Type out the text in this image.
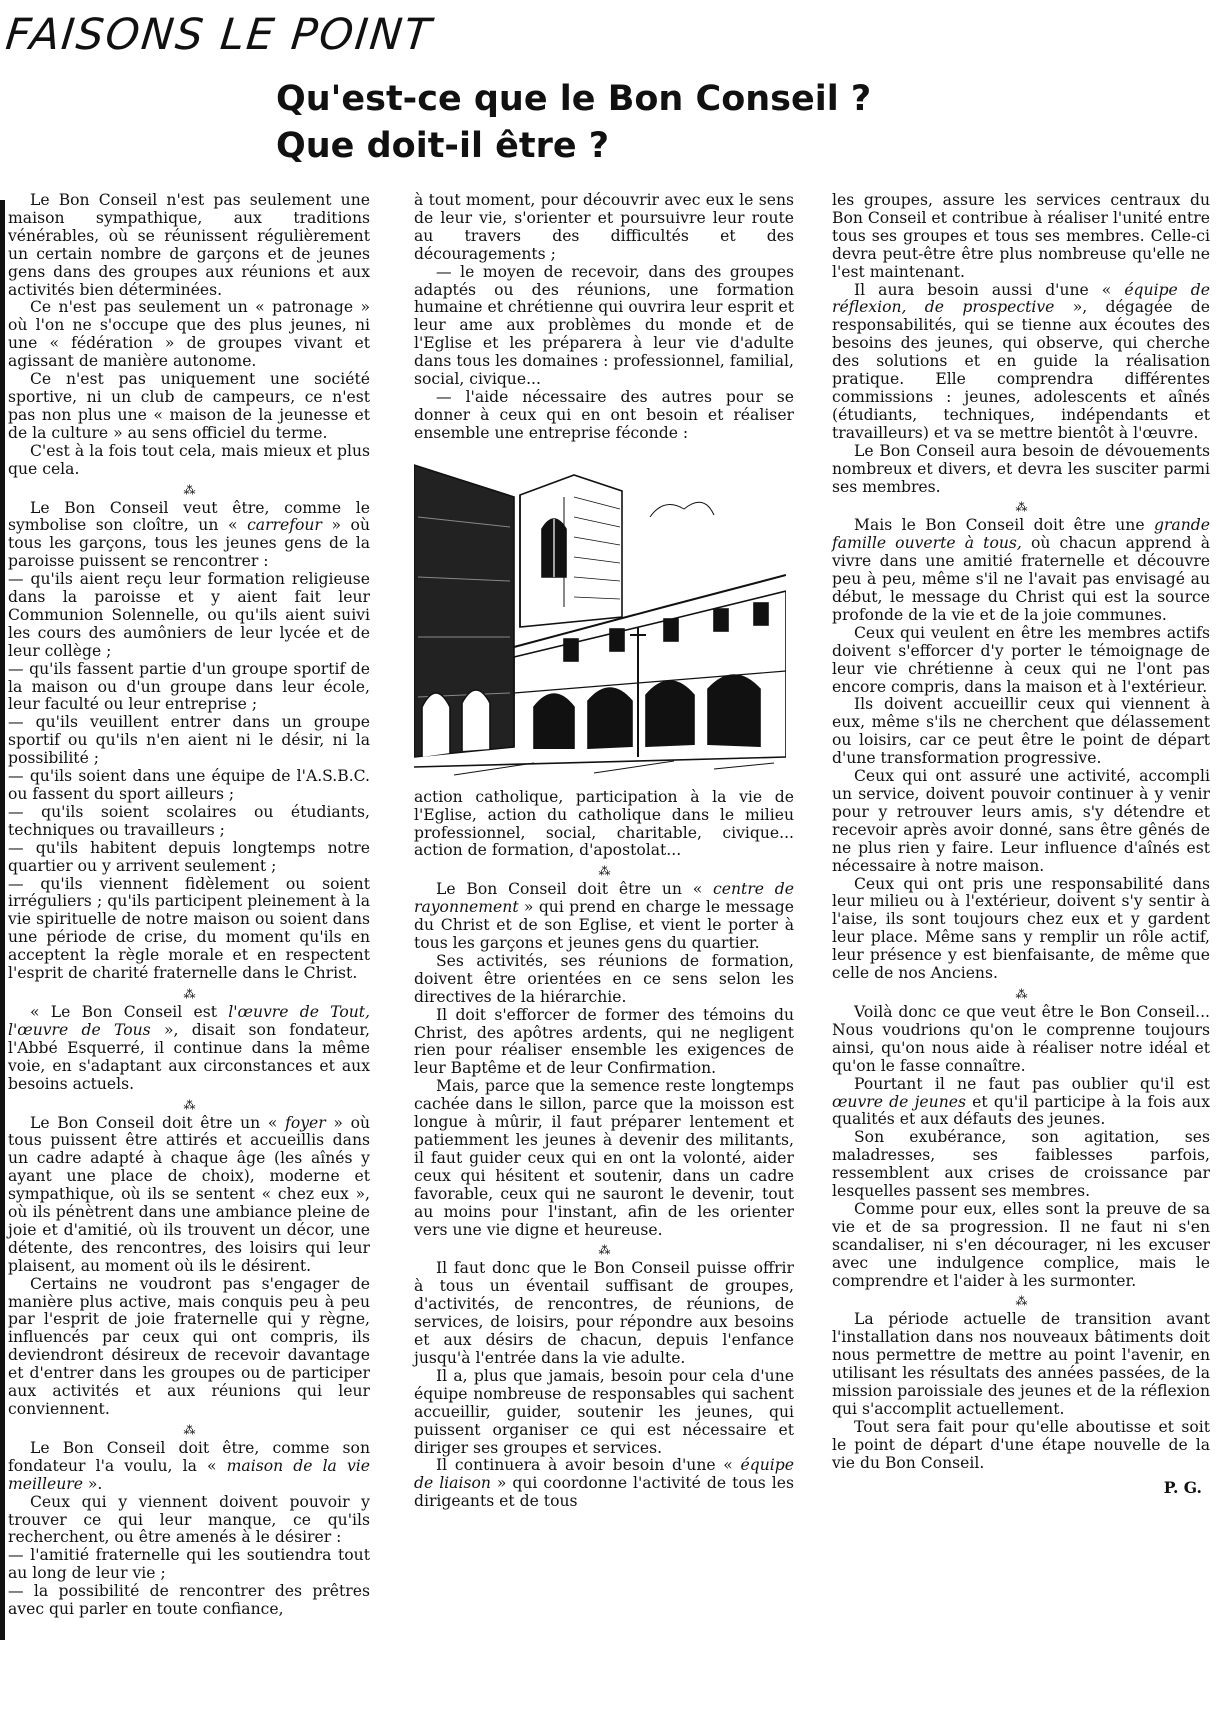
FAISONS LE POINT
Qu'est-ce que le Bon Conseil ?
Que doit-il être ?

Le Bon Conseil n'est pas seulement une maison sympathique, aux traditions vénérables, où se réunissent régulièrement un certain nombre de garçons et de jeunes gens dans des groupes aux réunions et aux activités bien déterminées.

Ce n'est pas seulement un « patronage » où l'on ne s'occupe que des plus jeunes, ni une « fédération » de groupes vivant et agissant de manière autonome.

Ce n'est pas uniquement une société sportive, ni un club de campeurs, ce n'est pas non plus une « maison de la jeunesse et de la culture » au sens officiel du terme.

C'est à la fois tout cela, mais mieux et plus que cela.

⁂

Le Bon Conseil veut être, comme le symbolise son cloître, un « carrefour » où tous les garçons, tous les jeunes gens de la paroisse puissent se rencontrer :

— qu'ils aient reçu leur formation religieuse dans la paroisse et y aient fait leur Communion Solennelle, ou qu'ils aient suivi les cours des aumôniers de leur lycée et de leur collège ;

— qu'ils fassent partie d'un groupe sportif de la maison ou d'un groupe dans leur école, leur faculté ou leur entreprise ;

— qu'ils veuillent entrer dans un groupe sportif ou qu'ils n'en aient ni le désir, ni la possibilité ;

— qu'ils soient dans une équipe de l'A.S.B.C. ou fassent du sport ailleurs ;

— qu'ils soient scolaires ou étudiants, techniques ou travailleurs ;

— qu'ils habitent depuis longtemps notre quartier ou y arrivent seulement ;

— qu'ils viennent fidèlement ou soient irréguliers ; qu'ils participent pleinement à la vie spirituelle de notre maison ou soient dans une période de crise, du moment qu'ils en acceptent la règle morale et en respectent l'esprit de charité fraternelle dans le Christ.

⁂

« Le Bon Conseil est l'œuvre de Tout, l'œuvre de Tous », disait son fondateur, l'Abbé Esquerré, il continue dans la même voie, en s'adaptant aux circonstances et aux besoins actuels.

⁂

Le Bon Conseil doit être un « foyer » où tous puissent être attirés et accueillis dans un cadre adapté à chaque âge (les aînés y ayant une place de choix), moderne et sympathique, où ils se sentent « chez eux », où ils pénètrent dans une ambiance pleine de joie et d'amitié, où ils trouvent un décor, une détente, des rencontres, des loisirs qui leur plaisent, au moment où ils le désirent.

Certains ne voudront pas s'engager de manière plus active, mais conquis peu à peu par l'esprit de joie fraternelle qui y règne, influencés par ceux qui ont compris, ils deviendront désireux de recevoir davantage et d'entrer dans les groupes ou de participer aux activités et aux réunions qui leur conviennent.

⁂

Le Bon Conseil doit être, comme son fondateur l'a voulu, la « maison de la vie meilleure ».

Ceux qui y viennent doivent pouvoir y trouver ce qui leur manque, ce qu'ils recherchent, ou être amenés à le désirer :

— l'amitié fraternelle qui les soutiendra tout au long de leur vie ;

— la possibilité de rencontrer des prêtres avec qui parler en toute confiance,

à tout moment, pour découvrir avec eux le sens de leur vie, s'orienter et poursuivre leur route au travers des difficultés et des découragements ;

— le moyen de recevoir, dans des groupes adaptés ou des réunions, une formation humaine et chrétienne qui ouvrira leur esprit et leur ame aux problèmes du monde et de l'Eglise et les préparera à leur vie d'adulte dans tous les domaines : professionnel, familial, social, civique...

— l'aide nécessaire des autres pour se donner à ceux qui en ont besoin et réaliser ensemble une entreprise féconde :

action catholique, participation à la vie de l'Eglise, action du catholique dans le milieu professionnel, social, charitable, civique... action de formation, d'apostolat...

⁂

Le Bon Conseil doit être un « centre de rayonnement » qui prend en charge le message du Christ et de son Eglise, et vient le porter à tous les garçons et jeunes gens du quartier.

Ses activités, ses réunions de formation, doivent être orientées en ce sens selon les directives de la hiérarchie.

Il doit s'efforcer de former des témoins du Christ, des apôtres ardents, qui ne negligent rien pour réaliser ensemble les exigences de leur Baptême et de leur Confirmation.

Mais, parce que la semence reste longtemps cachée dans le sillon, parce que la moisson est longue à mûrir, il faut préparer lentement et patiemment les jeunes à devenir des militants, il faut guider ceux qui en ont la volonté, aider ceux qui hésitent et soutenir, dans un cadre favorable, ceux qui ne sauront le devenir, tout au moins pour l'instant, afin de les orienter vers une vie digne et heureuse.

⁂

Il faut donc que le Bon Conseil puisse offrir à tous un éventail suffisant de groupes, d'activités, de rencontres, de réunions, de services, de loisirs, pour répondre aux besoins et aux désirs de chacun, depuis l'enfance jusqu'à l'entrée dans la vie adulte.

Il a, plus que jamais, besoin pour cela d'une équipe nombreuse de responsables qui sachent accueillir, guider, soutenir les jeunes, qui puissent organiser ce qui est nécessaire et diriger ses groupes et services.

Il continuera à avoir besoin d'une « équipe de liaison » qui coordonne l'activité de tous les dirigeants et de tous

les groupes, assure les services centraux du Bon Conseil et contribue à réaliser l'unité entre tous ses groupes et tous ses membres. Celle-ci devra peut-être être plus nombreuse qu'elle ne l'est maintenant.

Il aura besoin aussi d'une « équipe de réflexion, de prospective », dégagée de responsabilités, qui se tienne aux écoutes des besoins des jeunes, qui observe, qui cherche des solutions et en guide la réalisation pratique. Elle comprendra différentes commissions : jeunes, adolescents et aînés (étudiants, techniques, indépendants et travailleurs) et va se mettre bientôt à l'œuvre.

Le Bon Conseil aura besoin de dévouements nombreux et divers, et devra les susciter parmi ses membres.

⁂

Mais le Bon Conseil doit être une grande famille ouverte à tous, où chacun apprend à vivre dans une amitié fraternelle et découvre peu à peu, même s'il ne l'avait pas envisagé au début, le message du Christ qui est la source profonde de la vie et de la joie communes.

Ceux qui veulent en être les membres actifs doivent s'efforcer d'y porter le témoignage de leur vie chrétienne à ceux qui ne l'ont pas encore compris, dans la maison et à l'extérieur.

Ils doivent accueillir ceux qui viennent à eux, même s'ils ne cherchent que délassement ou loisirs, car ce peut être le point de départ d'une transformation progressive.

Ceux qui ont assuré une activité, accompli un service, doivent pouvoir continuer à y venir pour y retrouver leurs amis, s'y détendre et recevoir après avoir donné, sans être gênés de ne plus rien y faire. Leur influence d'aînés est nécessaire à notre maison.

Ceux qui ont pris une responsabilité dans leur milieu ou à l'extérieur, doivent s'y sentir à l'aise, ils sont toujours chez eux et y gardent leur place. Même sans y remplir un rôle actif, leur présence y est bienfaisante, de même que celle de nos Anciens.

⁂

Voilà donc ce que veut être le Bon Conseil... Nous voudrions qu'on le comprenne toujours ainsi, qu'on nous aide à réaliser notre idéal et qu'on le fasse connaître.

Pourtant il ne faut pas oublier qu'il est œuvre de jeunes et qu'il participe à la fois aux qualités et aux défauts des jeunes.

Son exubérance, son agitation, ses maladresses, ses faiblesses parfois, ressemblent aux crises de croissance par lesquelles passent ses membres.

Comme pour eux, elles sont la preuve de sa vie et de sa progression. Il ne faut ni s'en scandaliser, ni s'en décourager, ni les excuser avec une indulgence complice, mais le comprendre et l'aider à les surmonter.

⁂

La période actuelle de transition avant l'installation dans nos nouveaux bâtiments doit nous permettre de mettre au point l'avenir, en utilisant les résultats des années passées, de la mission paroissiale des jeunes et de la réflexion qui s'accomplit actuellement.

Tout sera fait pour qu'elle aboutisse et soit le point de départ d'une étape nouvelle de la vie du Bon Conseil.

P. G.
